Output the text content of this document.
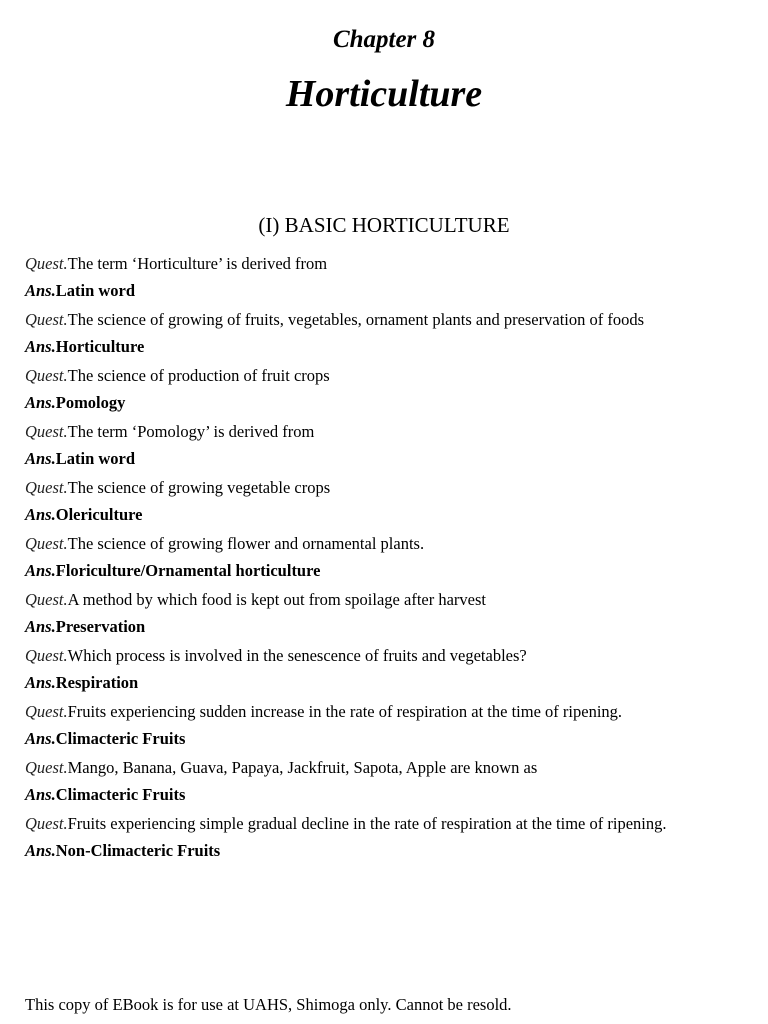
Chapter 8
Horticulture
(I) BASIC HORTICULTURE

Quest.The term ‘Horticulture’ is derived from

Ans.Latin word

Quest.The science of growing of fruits, vegetables, ornament plants and preservation of foods

Ans.Horticulture

Quest.The science of production of fruit crops

Ans.Pomology

Quest.The term ‘Pomology’ is derived from

Ans.Latin word

Quest.The science of growing vegetable crops

Ans.Olericulture

Quest.The science of growing flower and ornamental plants.

Ans.Floriculture/Ornamental horticulture

Quest.A method by which food is kept out from spoilage after harvest

Ans.Preservation

Quest.Which process is involved in the senescence of fruits and vegetables?

Ans.Respiration

Quest.Fruits experiencing sudden increase in the rate of respiration at the time of ripening.

Ans.Climacteric Fruits

Quest.Mango, Banana, Guava, Papaya, Jackfruit, Sapota, Apple are known as

Ans.Climacteric Fruits

Quest.Fruits experiencing simple gradual decline in the rate of respiration at the time of ripening.

Ans.Non-Climacteric Fruits

This copy of EBook is for use at UAHS, Shimoga only. Cannot be resold.
